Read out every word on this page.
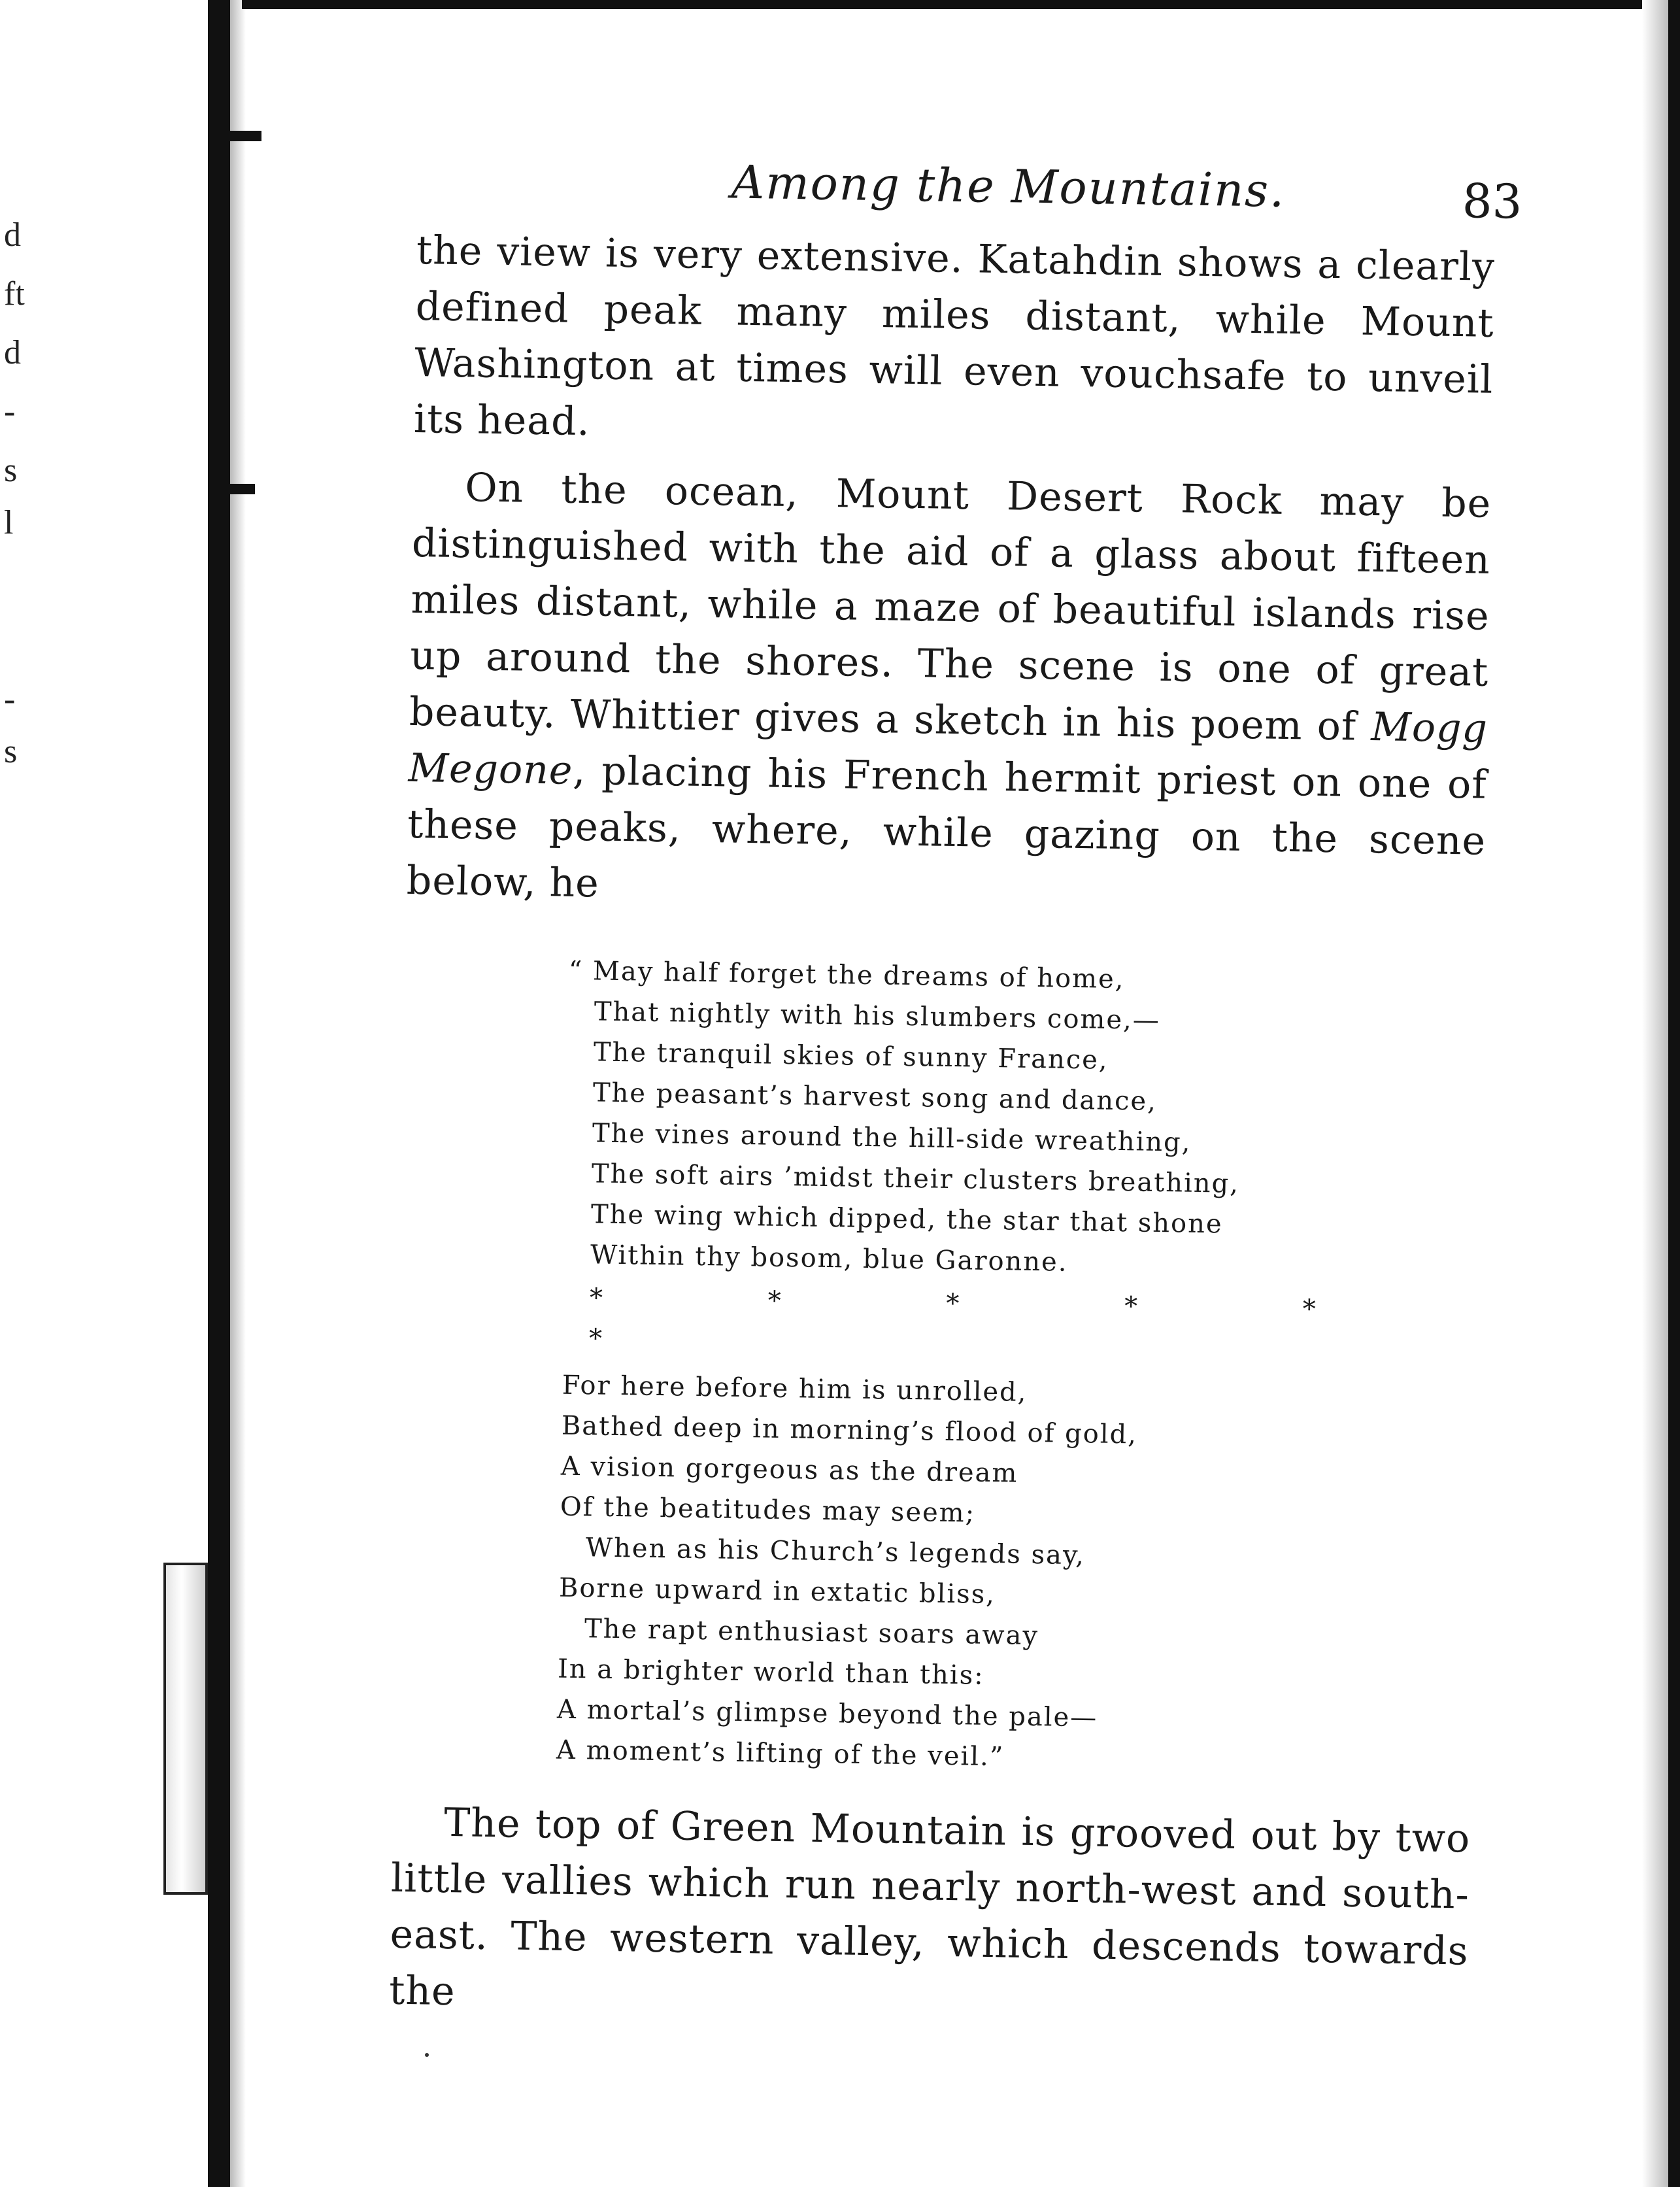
d
ft
d
-
s
l
-
s
Among the Mountains.	83

the view is very extensive. Katahdin shows a clearly defined peak many miles distant, while Mount Washington at times will even vouchsafe to unveil its head.

On the ocean, Mount Desert Rock may be distinguished with the aid of a glass about fifteen miles distant, while a maze of beautiful islands rise up around the shores. The scene is one of great beauty. Whittier gives a sketch in his poem of Mogg Megone, placing his French hermit priest on one of these peaks, where, while gazing on the scene below, he

“ May half forget the dreams of home,
That nightly with his slumbers come,—
The tranquil skies of sunny France,
The peasant’s harvest song and dance,
The vines around the hill-side wreathing,
The soft airs ’midst their clusters breathing,
The wing which dipped, the star that shone
Within thy bosom, blue Garonne.
* * * * * *
For here before him is unrolled,
Bathed deep in morning’s flood of gold,
A vision gorgeous as the dream
Of the beatitudes may seem;
When as his Church’s legends say,
Borne upward in extatic bliss,
The rapt enthusiast soars away
In a brighter world than this:
A mortal’s glimpse beyond the pale—
A moment’s lifting of the veil.”

The top of Green Mountain is grooved out by two little vallies which run nearly north-west and south-east. The western valley, which descends towards the
